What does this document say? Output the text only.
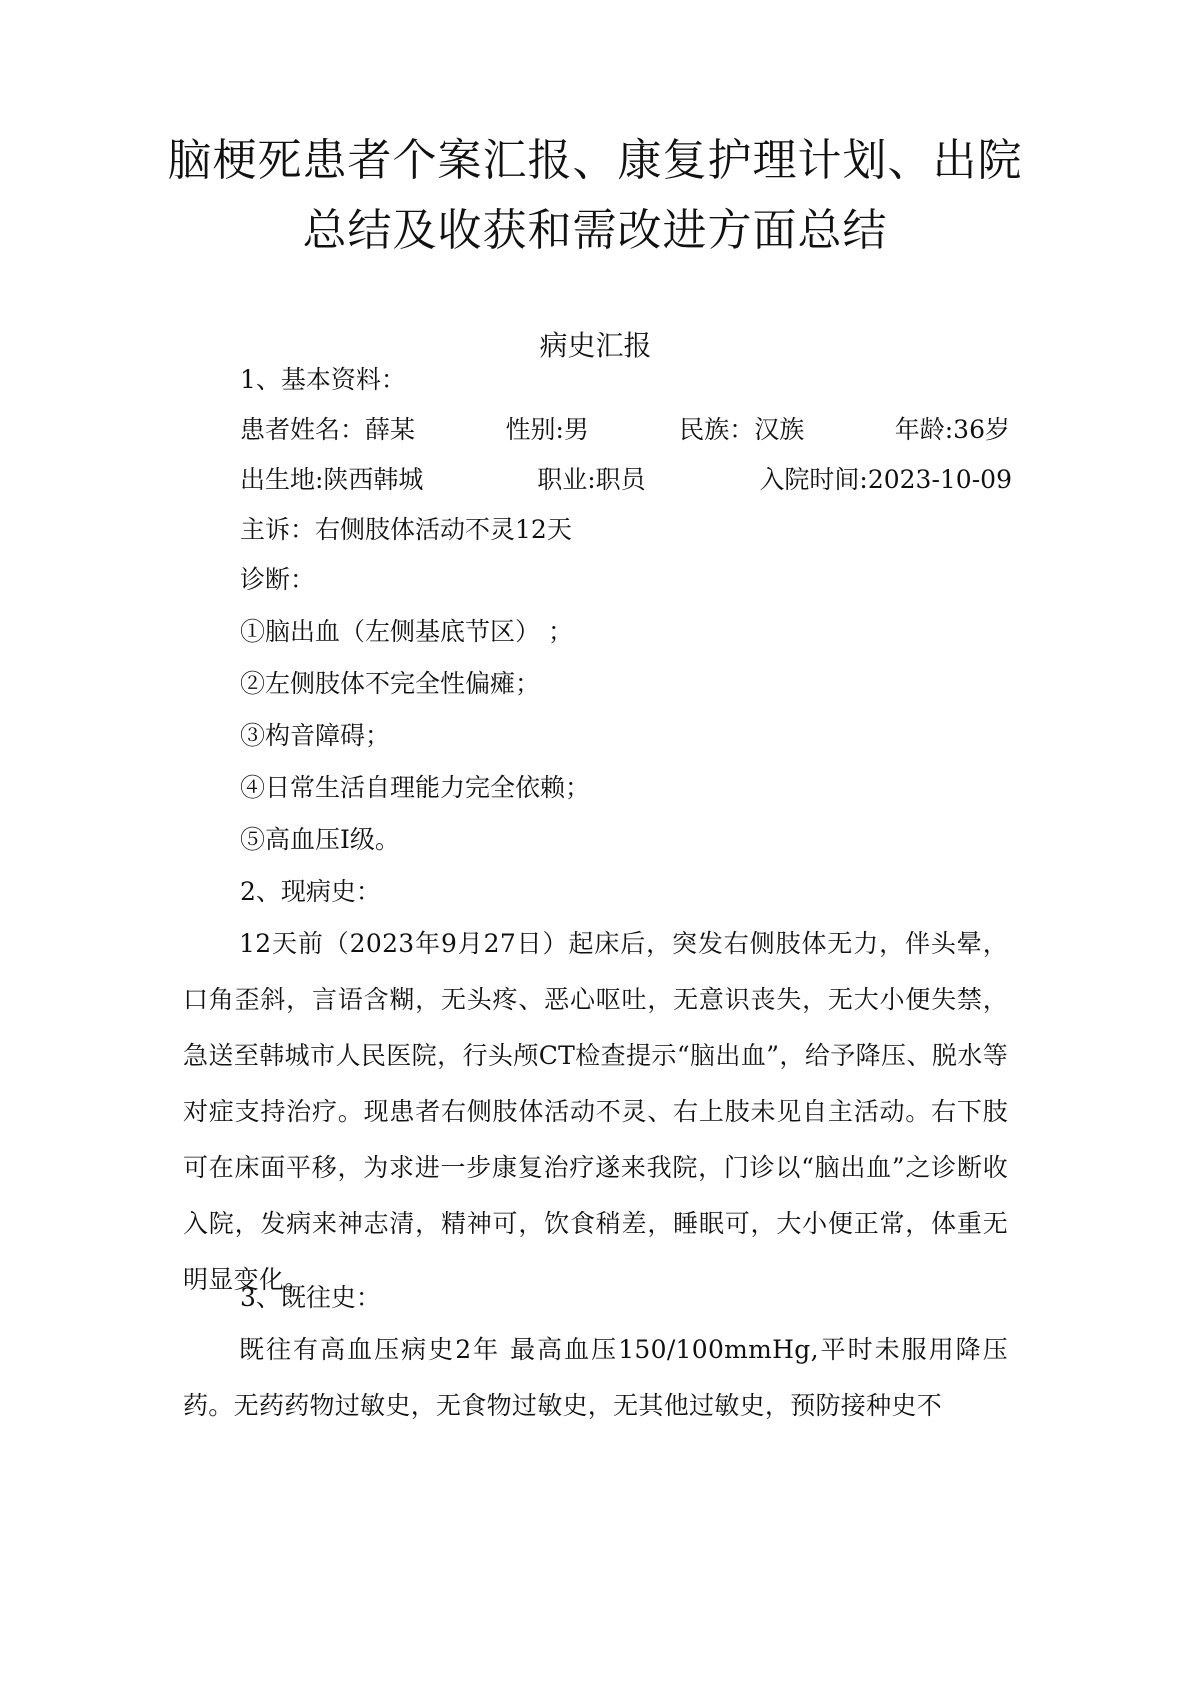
脑梗死患者个案汇报、康复护理计划、出院总结及收获和需改进方面总结
病史汇报

1、基本资料：

患者姓名：薛某	性别:男	民族：汉族	年龄:36岁
出生地:陕西韩城	职业:职员	入院时间:2023-10-09

主诉：右侧肢体活动不灵12天

诊断：

①脑出血（左侧基底节区） ；

②左侧肢体不完全性偏瘫；

③构音障碍；

④日常生活自理能力完全依赖；

⑤高血压Ⅰ级。

2、现病史：

12天前（2023年9月27日）起床后，突发右侧肢体无力，伴头晕，口角歪斜，言语含糊，无头疼、恶心呕吐，无意识丧失，无大小便失禁，急送至韩城市人民医院，行头颅CT检查提示“脑出血”，给予降压、脱水等对症支持治疗。现患者右侧肢体活动不灵、右上肢未见自主活动。右下肢可在床面平移，为求进一步康复治疗遂来我院，门诊以“脑出血”之诊断收入院，发病来神志清，精神可，饮食稍差，睡眠可，大小便正常，体重无明显变化。

3、既往史：

既往有高血压病史2年 最高血压150/100mmHg,平时未服用降压药。无药药物过敏史，无食物过敏史，无其他过敏史，预防接种史不
